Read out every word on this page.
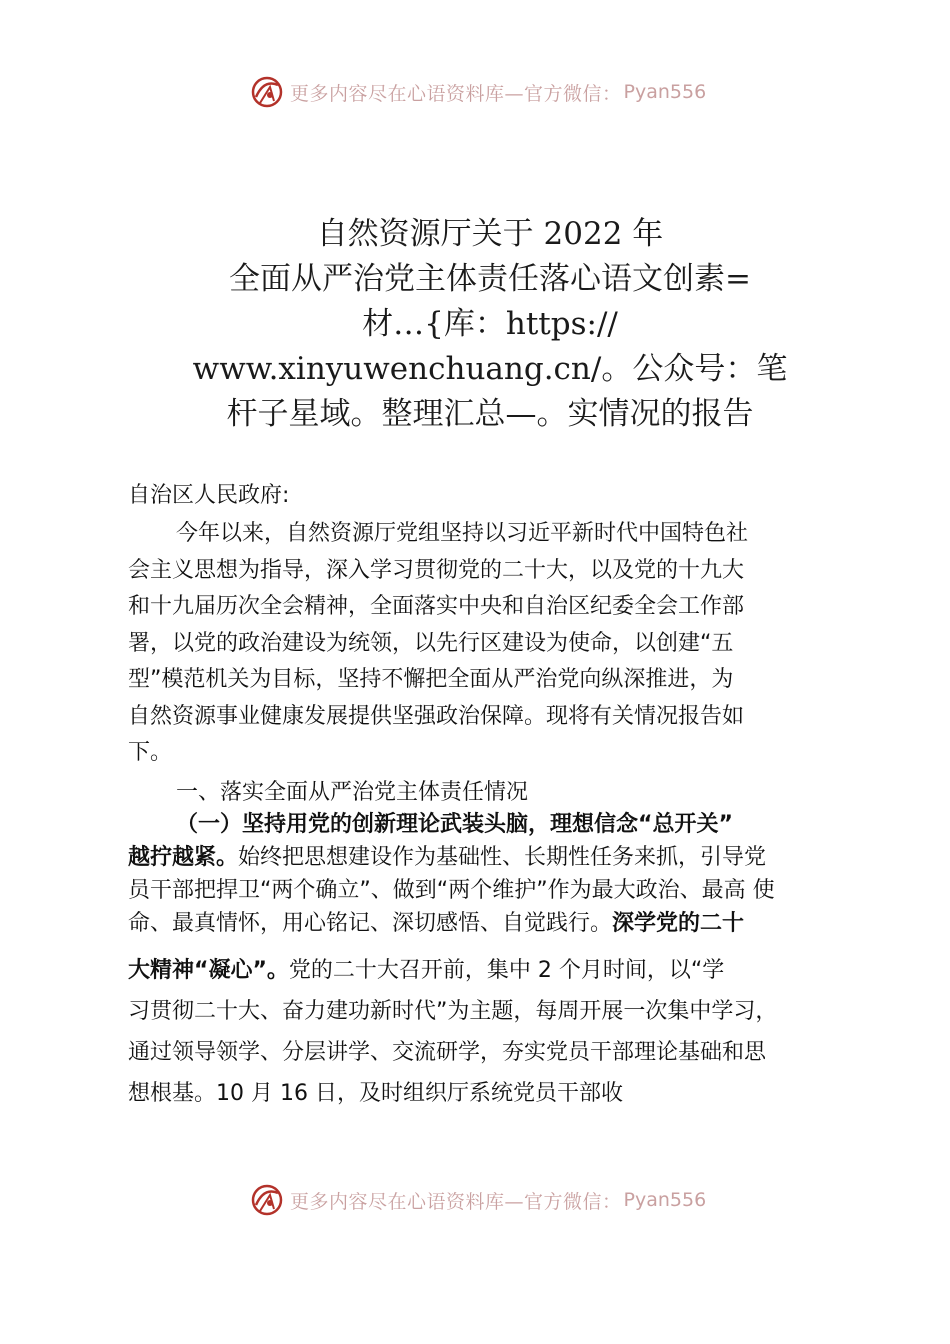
更多内容尽在心语资料库—官方微信： Pyan556
自然资源厅关于 2022 年
全面从严治党主体责任落心语文创素=
材…{库：https://
www.xinyuwenchuang.cn/。公众号：笔
杆子星域。整理汇总—。实情况的报告
自治区人民政府:
今年以来，自然资源厅党组坚持以习近平新时代中国特色社
会主义思想为指导，深入学习贯彻党的二十大，以及党的十九大
和十九届历次全会精神，全面落实中央和自治区纪委全会工作部
署，以党的政治建设为统领，以先行区建设为使命，以创建“五
型”模范机关为目标，坚持不懈把全面从严治党向纵深推进，为
自然资源事业健康发展提供坚强政治保障。现将有关情况报告如
下。
一、落实全面从严治党主体责任情况
（一）坚持用党的创新理论武装头脑，理想信念“总开关”
越拧越紧。始终把思想建设作为基础性、长期性任务来抓，引导党
员干部把捍卫“两个确立”、做到“两个维护”作为最大政治、最高 使
命、最真情怀，用心铭记、深切感悟、自觉践行。深学党的二十
大精神“凝心”。党的二十大召开前，集中 2 个月时间，以“学
习贯彻二十大、奋力建功新时代”为主题，每周开展一次集中学习，
通过领导领学、分层讲学、交流研学，夯实党员干部理论基础和思
想根基。10 月 16 日，及时组织厅系统党员干部收
更多内容尽在心语资料库—官方微信： Pyan556
